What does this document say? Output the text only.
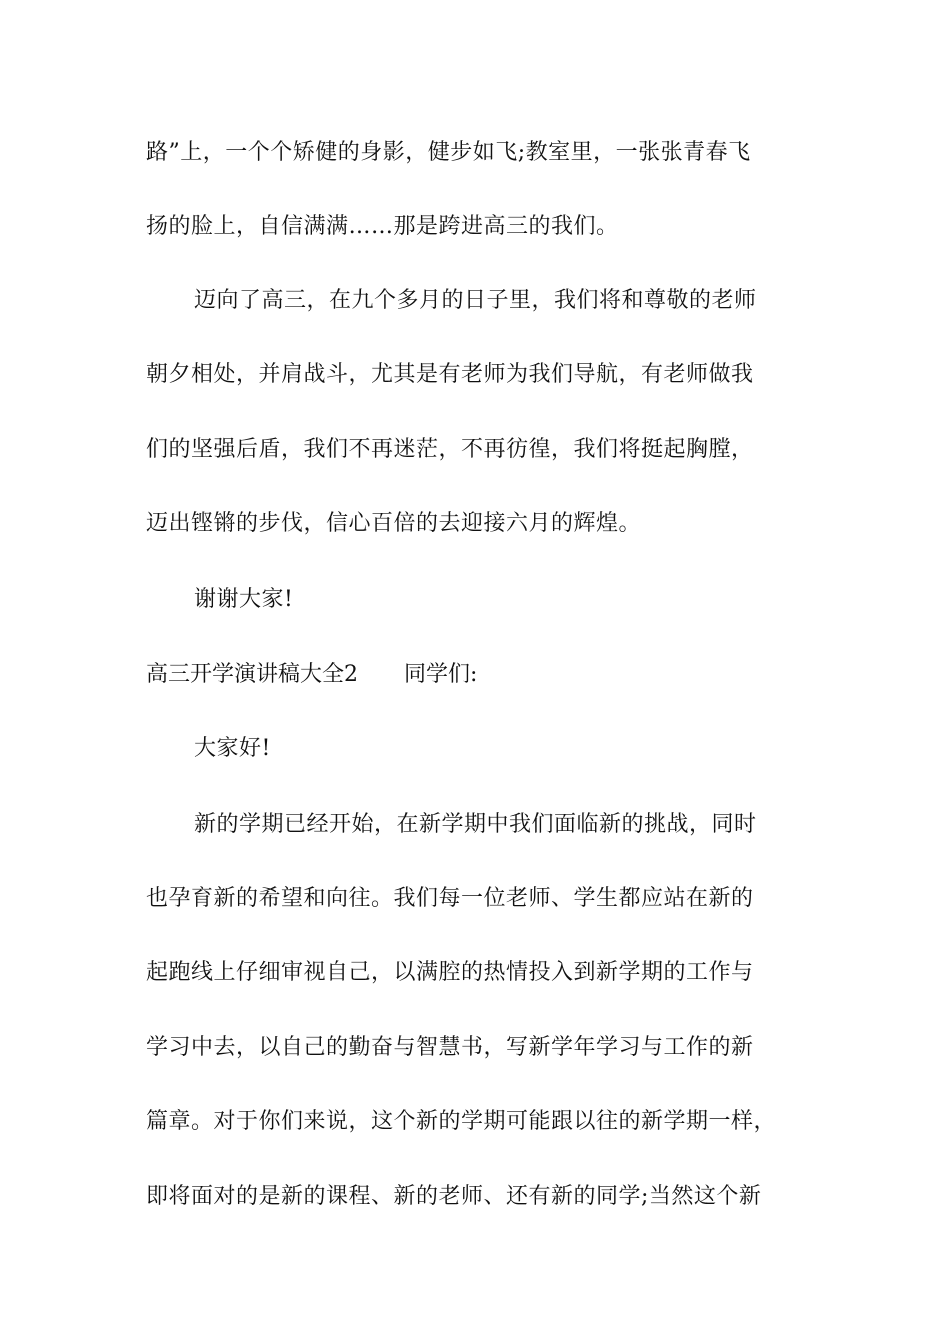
路”上，一个个矫健的身影，健步如飞;教室里，一张张青春飞
扬的脸上，自信满满……那是跨进高三的我们。
迈向了高三，在九个多月的日子里，我们将和尊敬的老师
朝夕相处，并肩战斗，尤其是有老师为我们导航，有老师做我
们的坚强后盾，我们不再迷茫，不再彷徨，我们将挺起胸膛，
迈出铿锵的步伐，信心百倍的去迎接六月的辉煌。
谢谢大家!
高三开学演讲稿大全2 同学们:
大家好!
新的学期已经开始，在新学期中我们面临新的挑战，同时
也孕育新的希望和向往。我们每一位老师、学生都应站在新的
起跑线上仔细审视自己，以满腔的热情投入到新学期的工作与
学习中去，以自己的勤奋与智慧书，写新学年学习与工作的新
篇章。对于你们来说，这个新的学期可能跟以往的新学期一样，
即将面对的是新的课程、新的老师、还有新的同学;当然这个新
